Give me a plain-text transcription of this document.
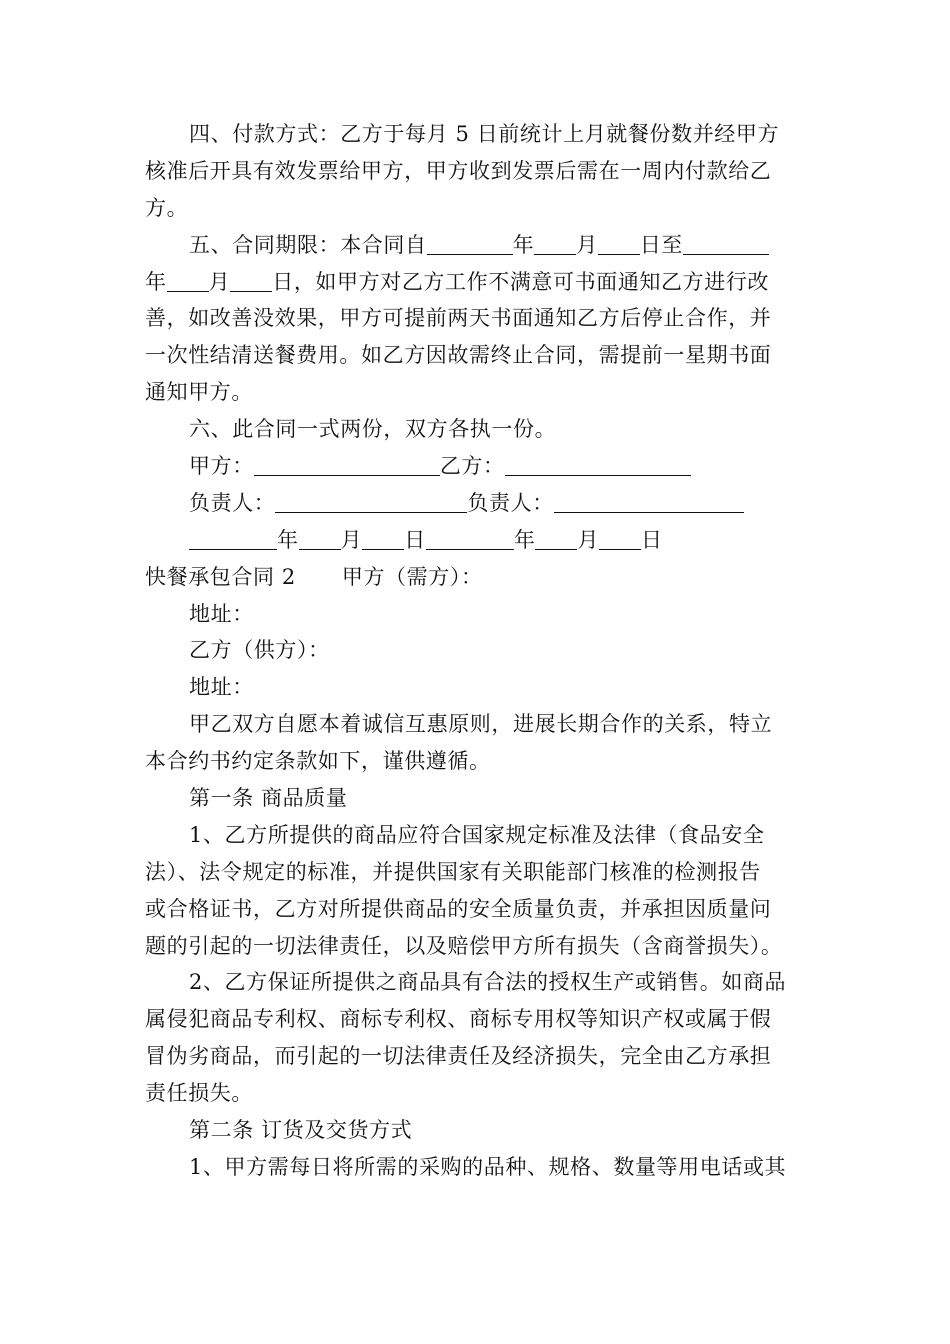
四、付款方式：乙方于每月 5 日前统计上月就餐份数并经甲方
核准后开具有效发票给甲方，甲方收到发票后需在一周内付款给乙
方。
五、合同期限：本合同自	年 月 日至
年 月 日，如甲方对乙方工作不满意可书面通知乙方进行改
善，如改善没效果，甲方可提前两天书面通知乙方后停止合作，并
一次性结清送餐费用。如乙方因故需终止合同，需提前一星期书面
通知甲方。
六、此合同一式两份，双方各执一份。
甲方：	乙方：
负责人：	负责人：
年 月 日	年 月 日
快餐承包合同 2 甲方（需方）：
地址：
乙方（供方）：
地址：
甲乙双方自愿本着诚信互惠原则，进展长期合作的关系，特立
本合约书约定条款如下，谨供遵循。
第一条 商品质量
1、乙方所提供的商品应符合国家规定标准及法律（食品安全
法）、法令规定的标准，并提供国家有关职能部门核准的检测报告
或合格证书，乙方对所提供商品的安全质量负责，并承担因质量问
题的引起的一切法律责任，以及赔偿甲方所有损失（含商誉损失）。
2、乙方保证所提供之商品具有合法的授权生产或销售。如商品
属侵犯商品专利权、商标专利权、商标专用权等知识产权或属于假
冒伪劣商品，而引起的一切法律责任及经济损失，完全由乙方承担
责任损失。
第二条 订货及交货方式
1、甲方需每日将所需的采购的品种、规格、数量等用电话或其
